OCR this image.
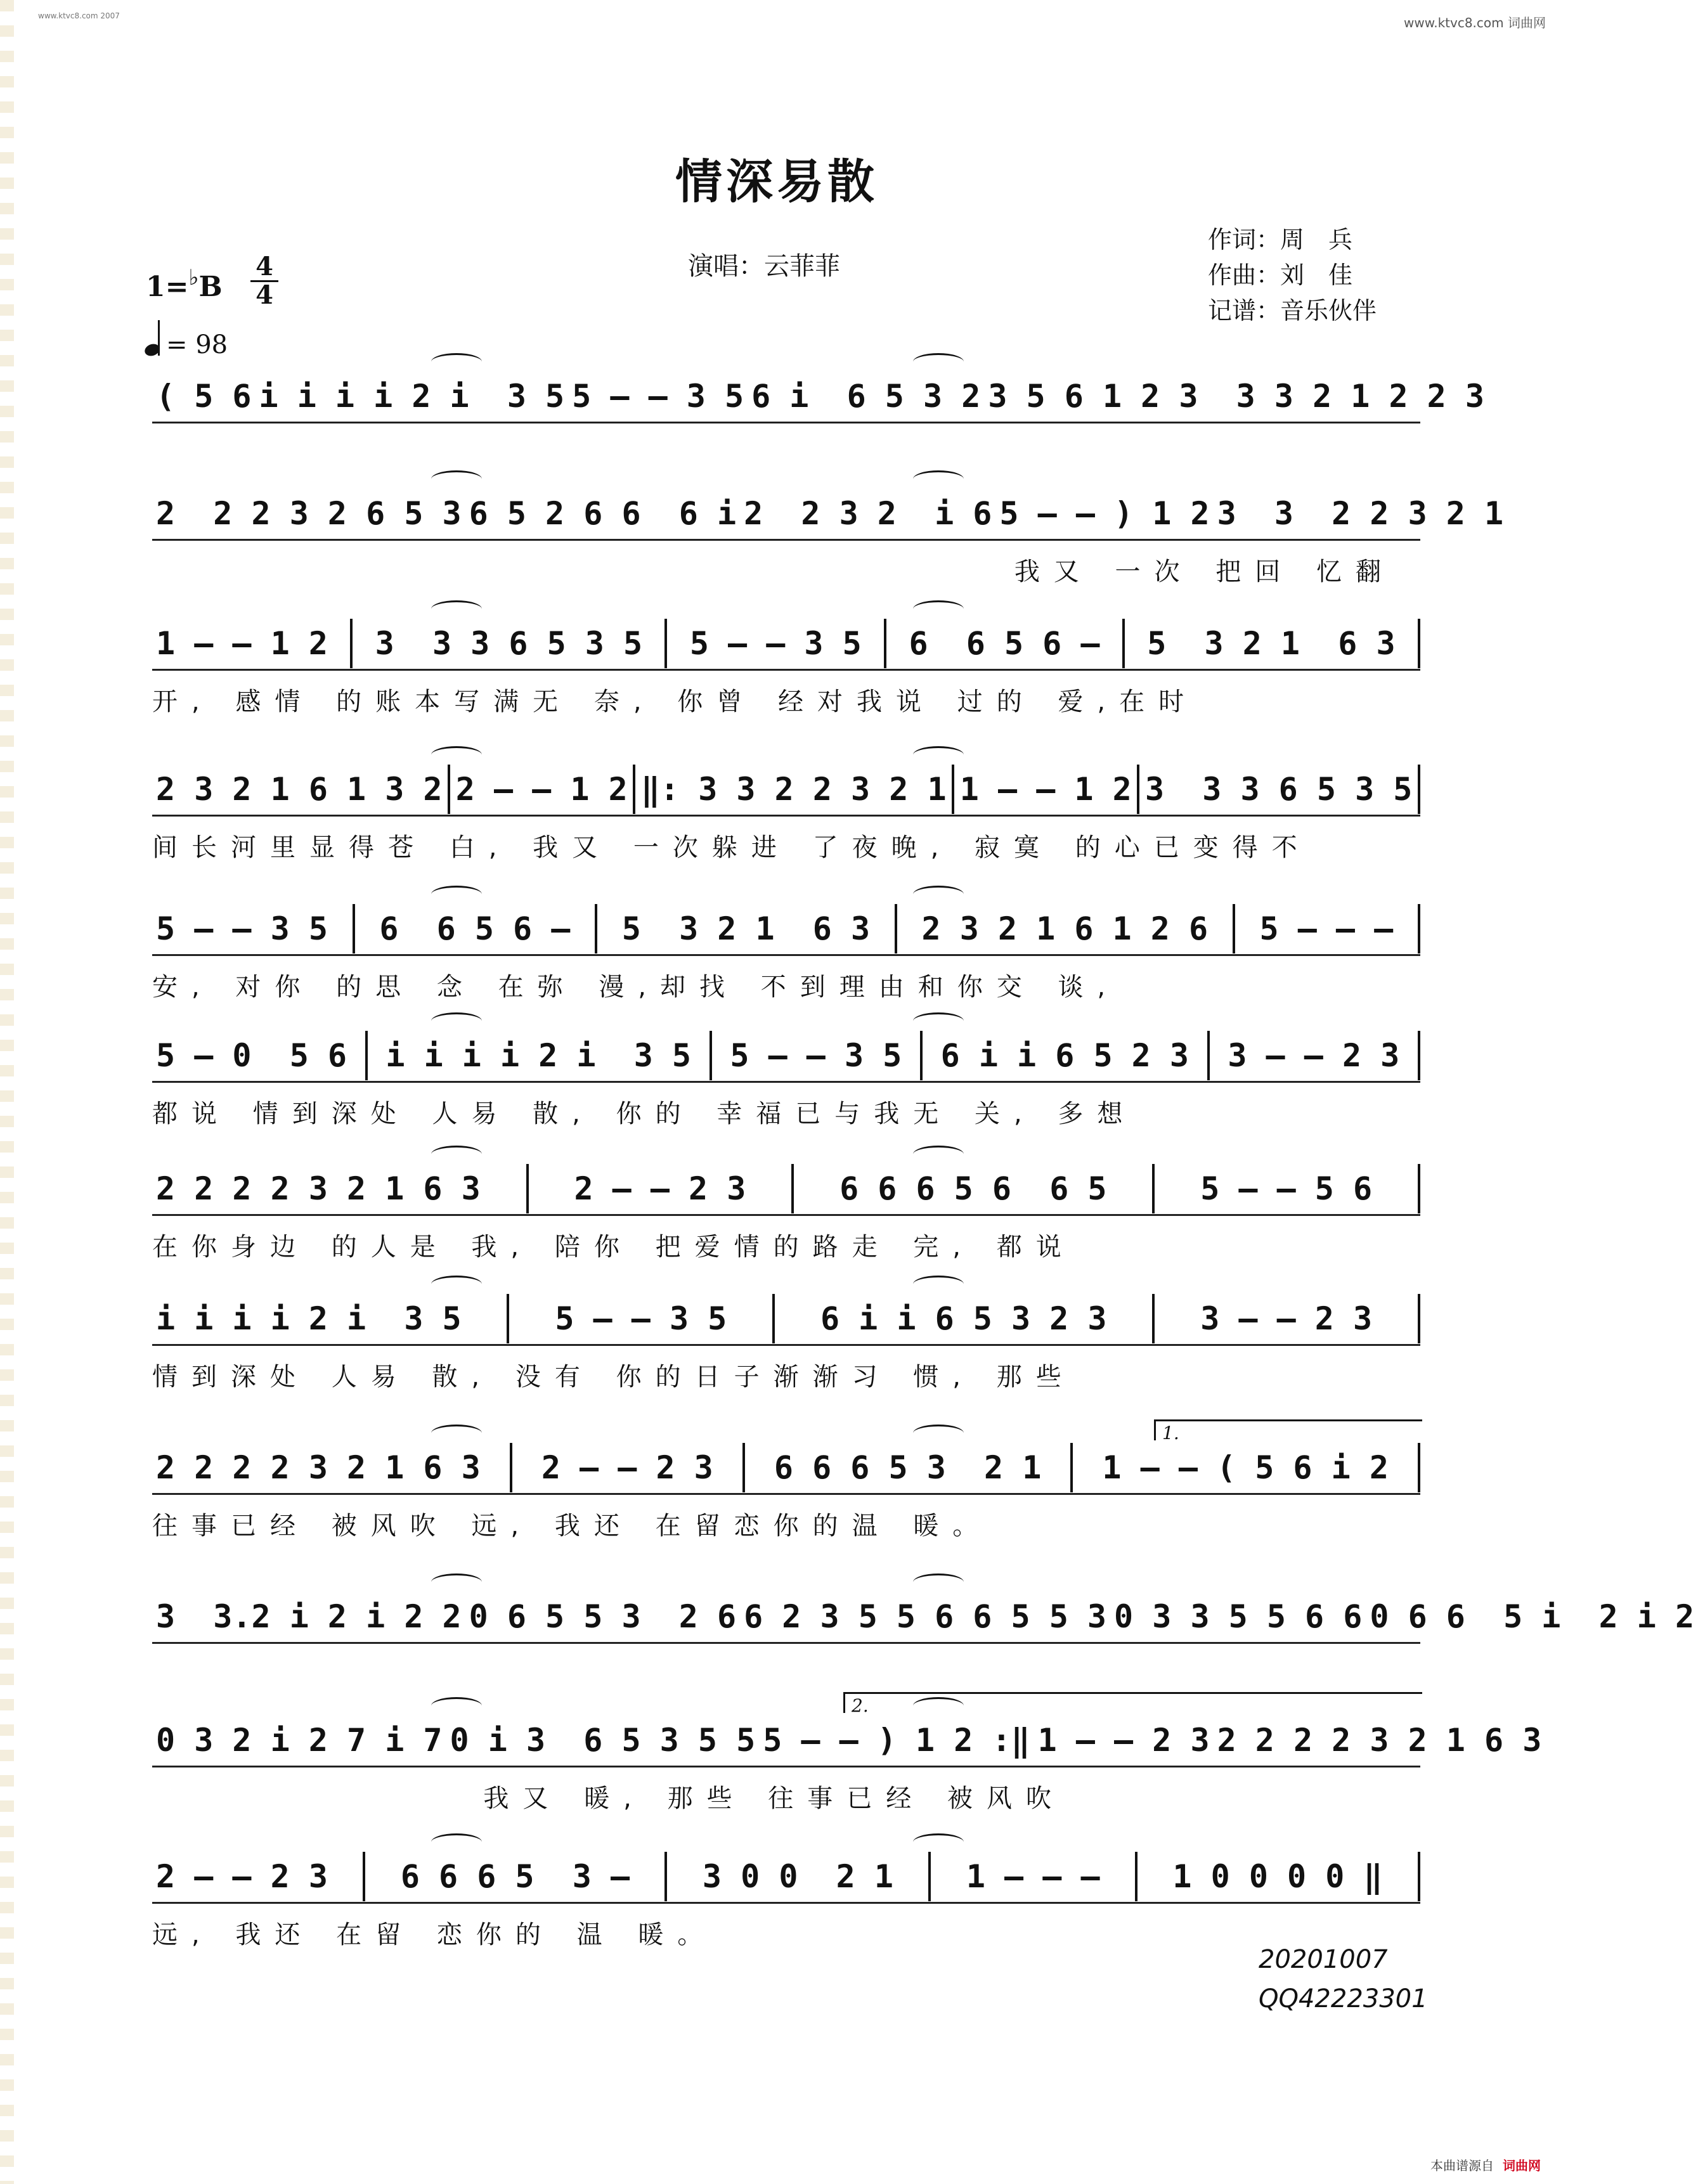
www.ktvc8.com 2007	www.ktvc8.com 词曲网
情深易散
演唱：云菲菲
作词：周　兵
作曲：刘　佳
记谱：音乐伙伴
1=♭B
4
4
= 98
( 5 6 i i i i 2 i  3 5 5 — — 3 5 6 i  6 5 3 2 3 5 6 1 2 3  3 3 2 1 2 2 3
2  2 2 3 2 6 5 3 6 5 2 6 6  6 i 2  2 3 2  i 6 5 — — ) 1 2 3  3  2 2 3 2 1
我又 一次 把回 忆翻
1 — — 1 2 3  3 3 6 5 3 5 5 — — 3 5 6  6 5 6 — 5  3 2 1  6 3
开, 感情 的账本写满无 奈, 你曾 经对我说 过的 爱,在时
2 3 2 1 6 1 3 2 2 — — 1 2 ‖: 3 3 2 2 3 2 1 1 — — 1 2 3  3 3 6 5 3 5
间长河里显得苍 白, 我又 一次躲进 了夜晚, 寂寞 的心已变得不
5 — — 3 5 6  6 5 6 — 5  3 2 1  6 3 2 3 2 1 6 1 2 6 5 — — —
安, 对你 的思 念 在弥 漫,却找 不到理由和你交 谈,
5 — 0  5 6 i i i i 2 i  3 5 5 — — 3 5 6 i i 6 5 2 3 3 — — 2 3
都说 情到深处 人易 散, 你的 幸福已与我无 关, 多想
2 2 2 2 3 2 1 6 3	2 — — 2 3	6 6 6 5 6  6 5	5 — — 5 6
在你身边 的人是 我, 陪你 把爱情的路走 完, 都说
i i i i 2 i  3 5	5 — — 3 5	6 i i 6 5 3 2 3	3 — — 2 3
情到深处 人易 散, 没有 你的日子渐渐习 惯, 那些
2 2 2 2 3 2 1 6 3 2 — — 2 3 6 6 6 5 3  2 1 1 — — ( 5 6 i 2
1.
往事已经 被风吹 远, 我还 在留恋你的温 暖。
3  3.2 i 2 i 2 2 0 6 5 5 3  2 6 6 2 3 5 5 6 6 5 5 3 0 3 3 5 5 6 6 0 6 6  5 i  2 i 2
0 3 2 i 2 7 i 7 0 i 3  6 5 3 5 5 5 — — ) 1 2 :‖ 1 — — 2 3 2 2 2 2 3 2 1 6 3
2.
我又 暖, 那些 往事已经 被风吹
2 — — 2 3 6 6 6 5  3 — 3 0 0  2 1 1 — — — 1 0 0 0 0 ‖
远, 我还 在留 恋你的 温 暖。
20201007
QQ42223301
本曲谱源自 词曲网
